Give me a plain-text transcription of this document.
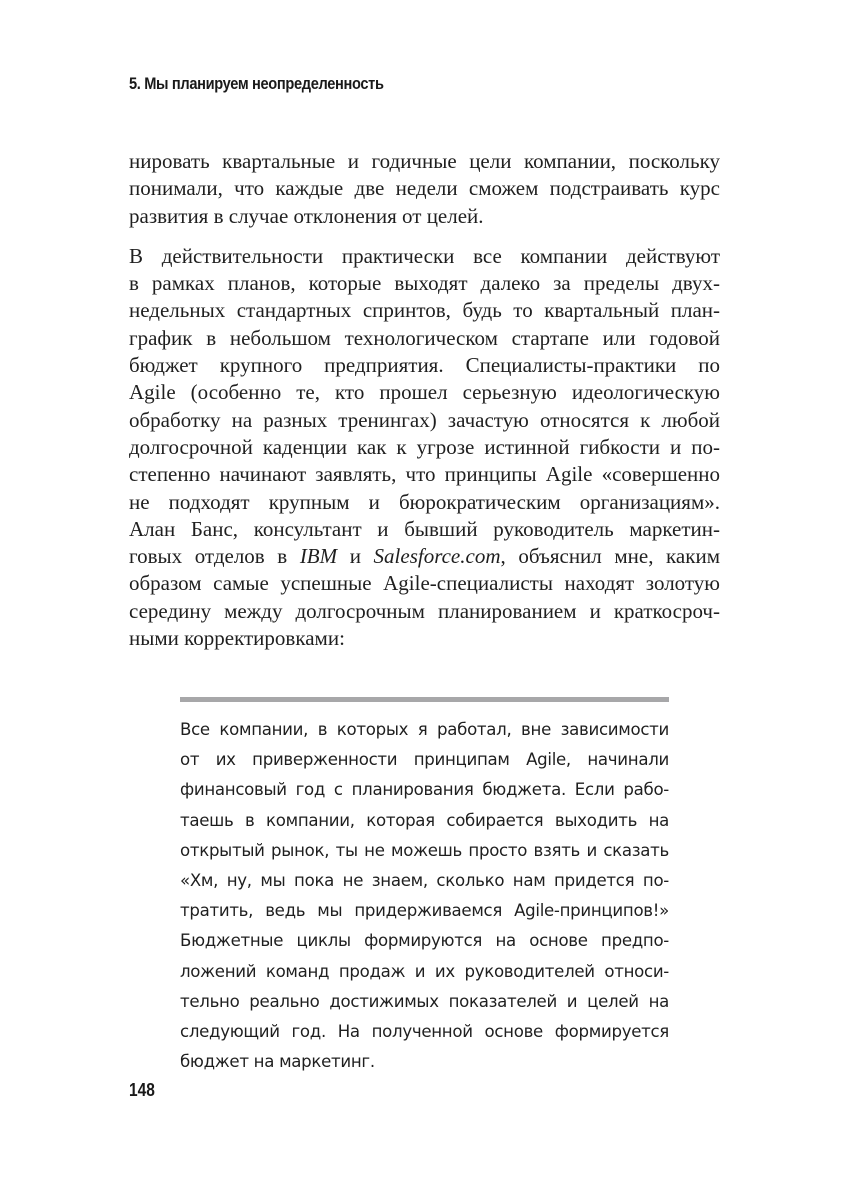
5. Мы планируем неопределенность

нировать квартальные и годичные цели компании, поскольку
понимали, что каждые две недели сможем подстраивать курс
развития в случае отклонения от целей.

В действительности практически все компании действуют
в рамках планов, которые выходят далеко за пределы двух-
недельных стандартных спринтов, будь то квартальный план-
график в небольшом технологическом стартапе или годовой
бюджет крупного предприятия. Специалисты-практики по
Agile (особенно те, кто прошел серьезную идеологическую
обработку на разных тренингах) зачастую относятся к любой
долгосрочной каденции как к угрозе истинной гибкости и по-
степенно начинают заявлять, что принципы Agile «совершенно
не подходят крупным и бюрократическим организациям».
Алан Банс, консультант и бывший руководитель маркетин-
говых отделов в IBM и Salesforce.com, объяснил мне, каким
образом самые успешные Agile-специалисты находят золотую
середину между долгосрочным планированием и краткосроч-
ными корректировками:

Все компании, в которых я работал, вне зависимости
от их приверженности принципам Agile, начинали
финансовый год с планирования бюджета. Если рабо-
таешь в компании, которая собирается выходить на
открытый рынок, ты не можешь просто взять и сказать
«Хм, ну, мы пока не знаем, сколько нам придется по-
тратить, ведь мы придерживаемся Agile-принципов!»
Бюджетные циклы формируются на основе предпо-
ложений команд продаж и их руководителей относи-
тельно реально достижимых показателей и целей на
следующий год. На полученной основе формируется
бюджет на маркетинг.
148
